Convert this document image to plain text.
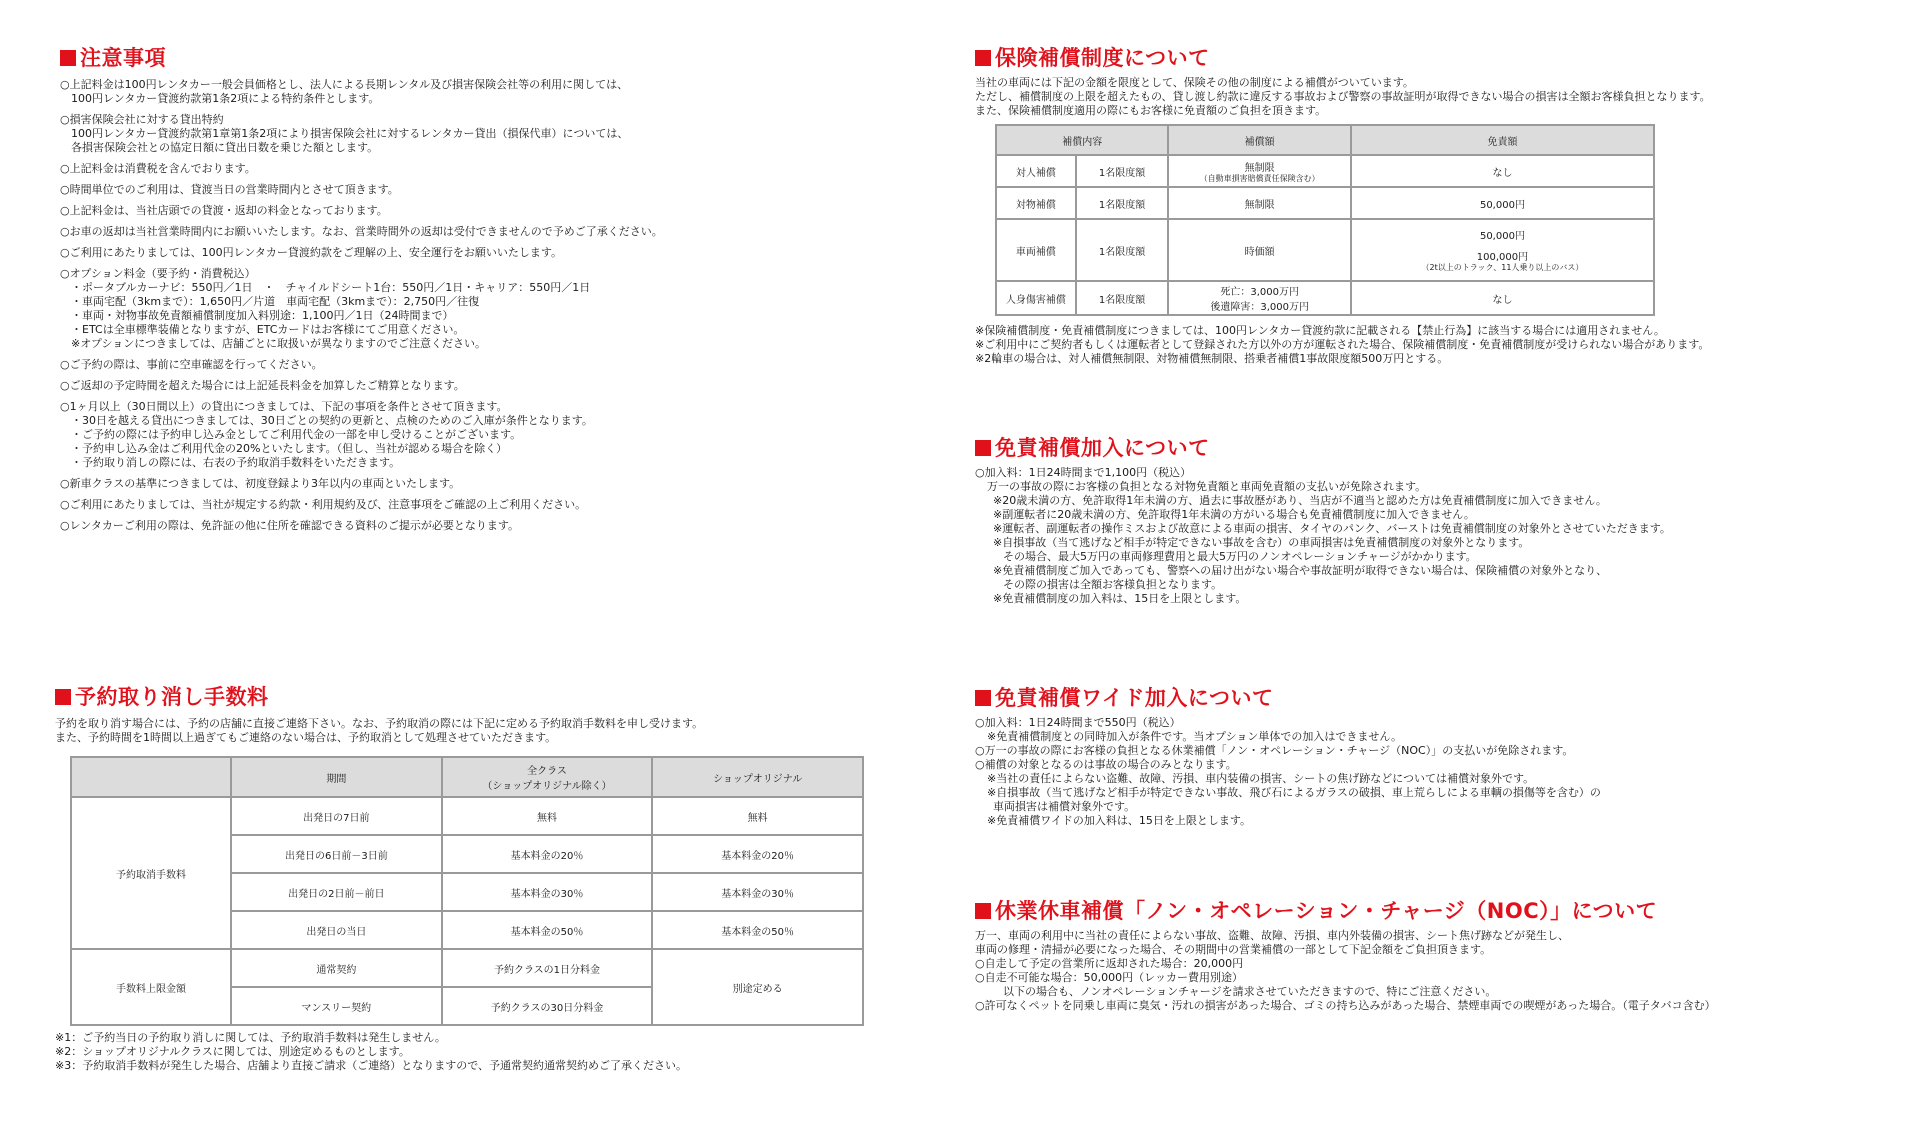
注意事項
○上記料金は100円レンタカー一般会員価格とし、法人による長期レンタル及び損害保険会社等の利用に関しては、
　100円レンタカー貸渡約款第1条2項による特約条件とします。
○損害保険会社に対する貸出特約
　100円レンタカー貸渡約款第1章第1条2項により損害保険会社に対するレンタカー貸出（損保代車）については、
　各損害保険会社との協定日額に貸出日数を乗じた額とします。
○上記料金は消費税を含んでおります。
○時間単位でのご利用は、貸渡当日の営業時間内とさせて頂きます。
○上記料金は、当社店頭での貸渡・返却の料金となっております。
○お車の返却は当社営業時間内にお願いいたします。なお、営業時間外の返却は受付できませんので予めご了承ください。
○ご利用にあたりましては、100円レンタカー貸渡約款をご理解の上、安全運行をお願いいたします。
○オプション料金（要予約・消費税込）
　・ポータブルカーナビ：550円／1日　・　チャイルドシート1台：550円／1日・キャリア：550円／1日
　・車両宅配（3kmまで）：1,650円／片道　車両宅配（3kmまで）：2,750円／往復
　・車両・対物事故免責額補償制度加入料別途：1,100円／1日（24時間まで）
　・ETCは全車標準装備となりますが、ETCカードはお客様にてご用意ください。
　※オプションにつきましては、店舗ごとに取扱いが異なりますのでご注意ください。
○ご予約の際は、事前に空車確認を行ってください。
○ご返却の予定時間を超えた場合には上記延長料金を加算したご精算となります。
○1ヶ月以上（30日間以上）の貸出につきましては、下記の事項を条件とさせて頂きます。
　・30日を越える貸出につきましては、30日ごとの契約の更新と、点検のためのご入庫が条件となります。
　・ご予約の際には予約申し込み金としてご利用代金の一部を申し受けることがございます。
　・予約申し込み金はご利用代金の20%といたします。（但し、当社が認める場合を除く）
　・予約取り消しの際には、右表の予約取消手数料をいただきます。
○新車クラスの基準につきましては、初度登録より3年以内の車両といたします。
○ご利用にあたりましては、当社が規定する約款・利用規約及び、注意事項をご確認の上ご利用ください。
○レンタカーご利用の際は、免許証の他に住所を確認できる資料のご提示が必要となります。
予約取り消し手数料
予約を取り消す場合には、予約の店舗に直接ご連絡下さい。なお、予約取消の際には下記に定める予約取消手数料を申し受けます。
また、予約時間を1時間以上過ぎてもご連絡のない場合は、予約取消として処理させていただきます。
	期間	全クラス
（ショップオリジナル除く）	ショップオリジナル
予約取消手数料	出発日の7日前	無料	無料
	出発日の6日前－3日前	基本料金の20％	基本料金の20％
	出発日の2日前－前日	基本料金の30％	基本料金の30％
	出発日の当日	基本料金の50％	基本料金の50％
手数料上限金額	通常契約	予約クラスの1日分料金	別途定める
	マンスリー契約	予約クラスの30日分料金	
※1：ご予約当日の予約取り消しに関しては、予約取消手数料は発生しません。
※2：ショップオリジナルクラスに関しては、別途定めるものとします。
※3：予約取消手数料が発生した場合、店舗より直接ご請求（ご連絡）となりますので、予通常契約通常契約めご了承ください。
保険補償制度について
当社の車両には下記の金額を限度として、保険その他の制度による補償がついています。
ただし、補償制度の上限を超えたもの、貸し渡し約款に違反する事故および警察の事故証明が取得できない場合の損害は全額お客様負担となります。
また、保険補償制度適用の際にもお客様に免責額のご負担を頂きます。
補償内容		補償額	免責額
対人補償	1名限度額	無制限
（自動車損害賠償責任保険含む）	なし
対物補償	1名限度額	無制限	50,000円
車両補償	1名限度額	時価額	50,000円
100,000円
（2t以上のトラック、11人乗り以上のバス）

人身傷害補償	1名限度額	死亡：3,000万円
後遺障害：3,000万円	なし
※保険補償制度・免責補償制度につきましては、100円レンタカー貸渡約款に記載される【禁止行為】に該当する場合には適用されません。
※ご利用中にご契約者もしくは運転者として登録された方以外の方が運転された場合、保険補償制度・免責補償制度が受けられない場合があります。
※2輪車の場合は、対人補償無制限、対物補償無制限、搭乗者補償1事故限度額500万円とする。
免責補償加入について
○加入料：1日24時間まで1,100円（税込）
万一の事故の際にお客様の負担となる対物免責額と車両免責額の支払いが免除されます。
※20歳未満の方、免許取得1年未満の方、過去に事故歴があり、当店が不適当と認めた方は免責補償制度に加入できません。
※副運転者に20歳未満の方、免許取得1年未満の方がいる場合も免責補償制度に加入できません。
※運転者、副運転者の操作ミスおよび故意による車両の損害、タイヤのパンク、バーストは免責補償制度の対象外とさせていただきます。
※自損事故（当て逃げなど相手が特定できない事故を含む）の車両損害は免責補償制度の対象外となります。
その場合、最大5万円の車両修理費用と最大5万円のノンオペレーションチャージがかかります。
※免責補償制度ご加入であっても、警察への届け出がない場合や事故証明が取得できない場合は、保険補償の対象外となり、
その際の損害は全額お客様負担となります。
※免責補償制度の加入料は、15日を上限とします。
免責補償ワイド加入について
○加入料：1日24時間まで550円（税込）
※免責補償制度との同時加入が条件です。当オプション単体での加入はできません。
○万一の事故の際にお客様の負担となる休業補償「ノン・オペレーション・チャージ（NOC）」の支払いが免除されます。
○補償の対象となるのは事故の場合のみとなります。
※当社の責任によらない盗難、故障、汚損、車内装備の損害、シートの焦げ跡などについては補償対象外です。
※自損事故（当て逃げなど相手が特定できない事故、飛び石によるガラスの破損、車上荒らしによる車輌の損傷等を含む）の
車両損害は補償対象外です。
※免責補償ワイドの加入料は、15日を上限とします。
休業休車補償「ノン・オペレーション・チャージ（NOC）」について
万一、車両の利用中に当社の責任によらない事故、盗難、故障、汚損、車内外装備の損害、シート焦げ跡などが発生し、
車両の修理・清掃が必要になった場合、その期間中の営業補償の一部として下記金額をご負担頂きます。
○自走して予定の営業所に返却された場合：20,000円
○自走不可能な場合：50,000円（レッカー費用別途）
以下の場合も、ノンオペレーションチャージを請求させていただきますので、特にご注意ください。
○許可なくペットを同乗し車両に臭気・汚れの損害があった場合、ゴミの持ち込みがあった場合、禁煙車両での喫煙があった場合。（電子タバコ含む）
